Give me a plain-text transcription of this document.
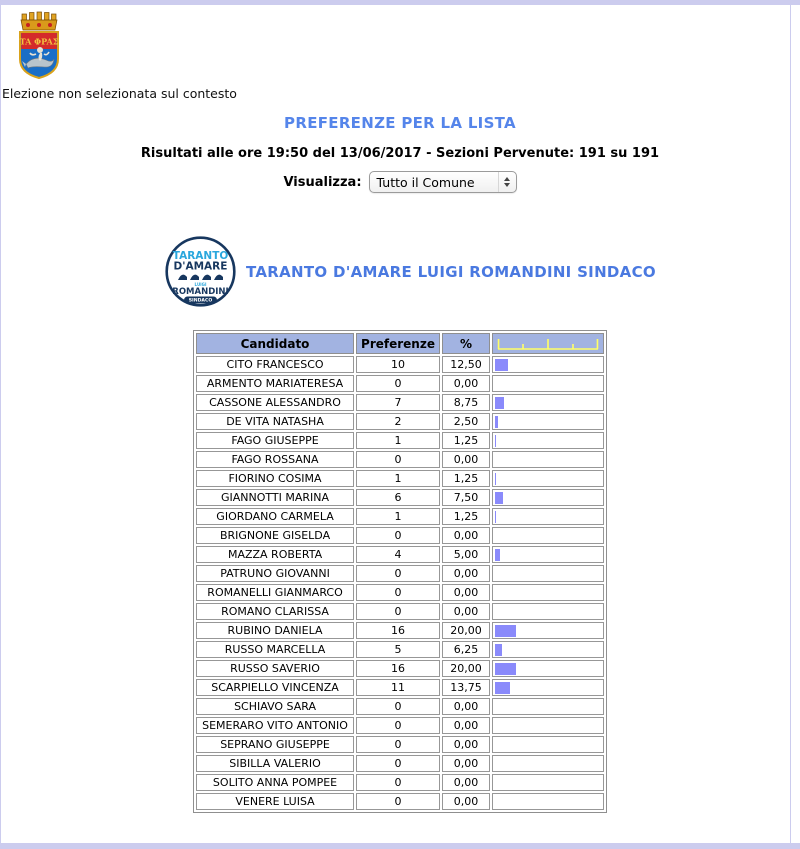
TA ΦPAΣ
Elezione non selezionata sul contesto
PREFERENZE PER LA LISTA
Risultati alle ore 19:50 del 13/06/2017 - Sezioni Pervenute: 191 su 191
Visualizza:	Tutto il Comune
TARANTO
D'AMARE
LUIGI
ROMANDINI
SINDACO
TARANTO D'AMARE LUIGI ROMANDINI SINDACO
Candidato	Preferenze	%	

CITO FRANCESCO	10	12,50	

ARMENTO MARIATERESA	0	0,00	
CASSONE ALESSANDRO	7	8,75	

DE VITA NATASHA	2	2,50	

FAGO GIUSEPPE	1	1,25	

FAGO ROSSANA	0	0,00	
FIORINO COSIMA	1	1,25	

GIANNOTTI MARINA	6	7,50	

GIORDANO CARMELA	1	1,25	

BRIGNONE GISELDA	0	0,00	
MAZZA ROBERTA	4	5,00	

PATRUNO GIOVANNI	0	0,00	
ROMANELLI GIANMARCO	0	0,00	
ROMANO CLARISSA	0	0,00	
RUBINO DANIELA	16	20,00	

RUSSO MARCELLA	5	6,25	

RUSSO SAVERIO	16	20,00	

SCARPIELLO VINCENZA	11	13,75	

SCHIAVO SARA	0	0,00	
SEMERARO VITO ANTONIO	0	0,00	
SEPRANO GIUSEPPE	0	0,00	
SIBILLA VALERIO	0	0,00	
SOLITO ANNA POMPEE	0	0,00	
VENERE LUISA	0	0,00	
